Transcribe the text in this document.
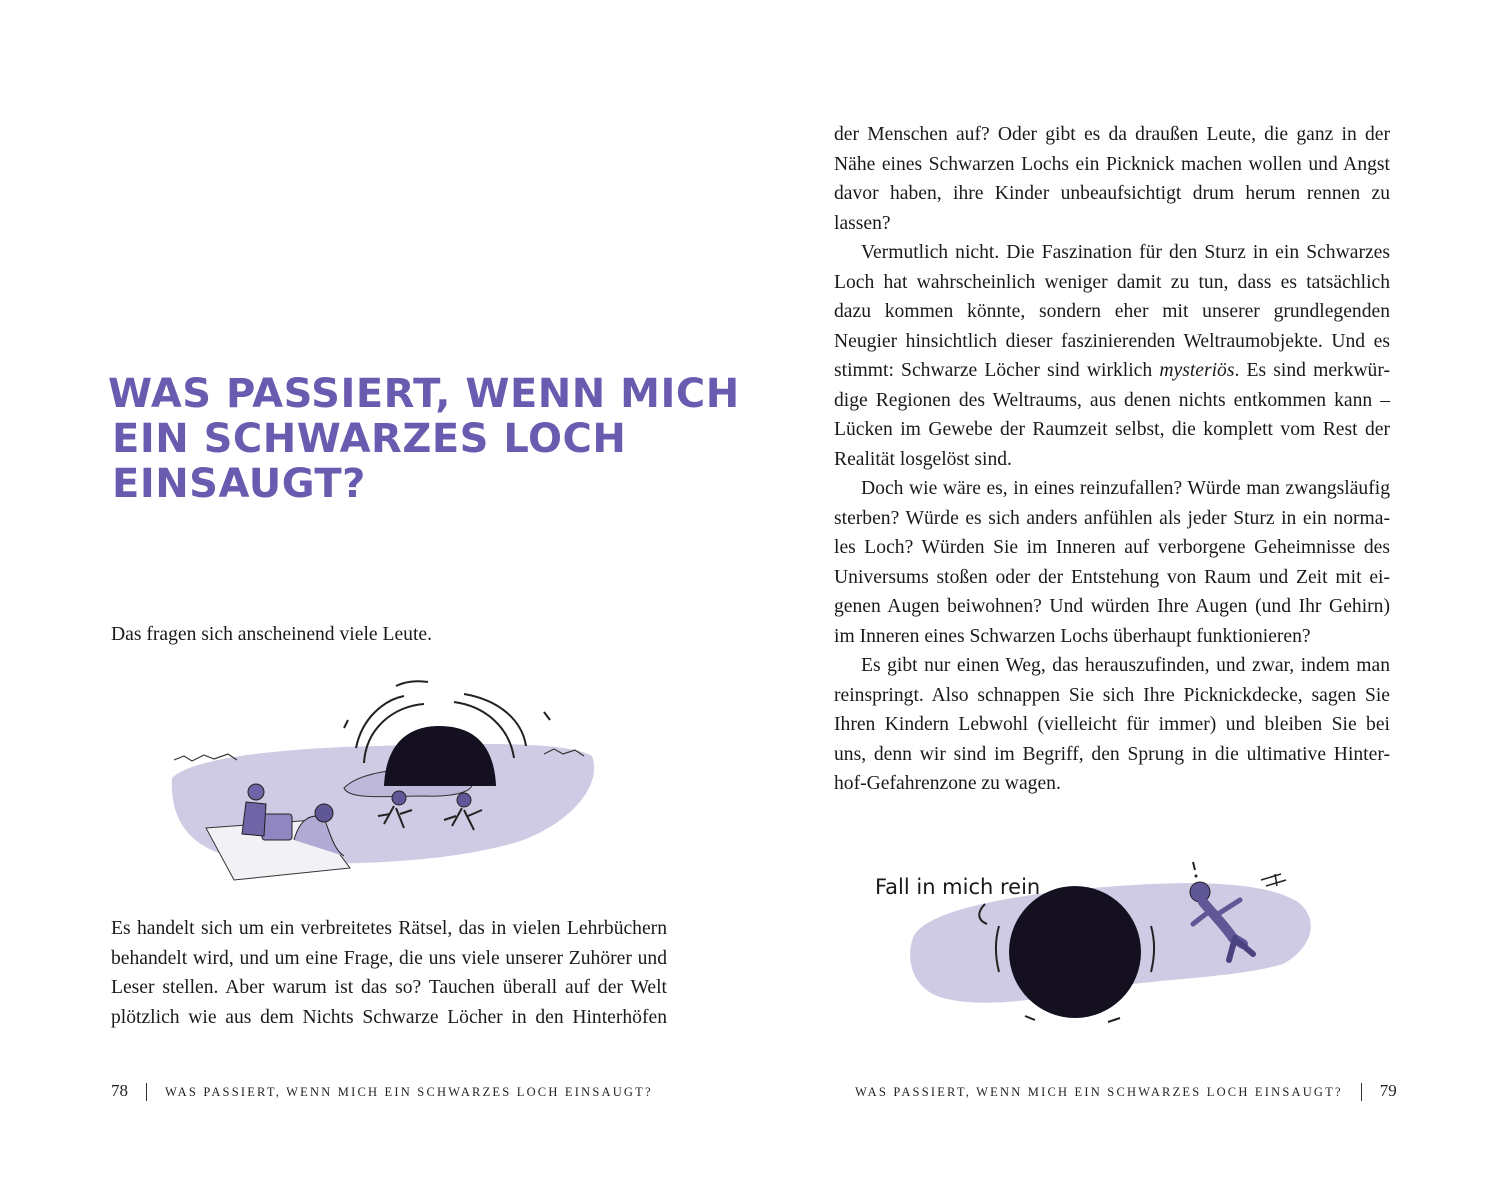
WAS PASSIERT, WENN MICH
EIN SCHWARZES LOCH
EINSAUGT?

Das fragen sich anscheinend viele Leute.

Es handelt sich um ein verbreitetes Rätsel, das in vielen Lehrbüchern
behandelt wird, und um eine Frage, die uns viele unserer Zuhörer und
Leser stellen. Aber warum ist das so? Tauchen überall auf der Welt
plötzlich wie aus dem Nichts Schwarze Löcher in den Hinterhöfen
78	WAS PASSIERT, WENN MICH EIN SCHWARZES LOCH EINSAUGT?
der Menschen auf? Oder gibt es da draußen Leute, die ganz in der
Nähe eines Schwarzen Lochs ein Picknick machen wollen und Angst
davor haben, ihre Kinder unbeaufsichtigt drum herum rennen zu
lassen?
Vermutlich nicht. Die Faszination für den Sturz in ein Schwarzes
Loch hat wahrscheinlich weniger damit zu tun, dass es tatsächlich
dazu kommen könnte, sondern eher mit unserer grundlegenden
Neugier hinsichtlich dieser faszinierenden Weltraumobjekte. Und es
stimmt: Schwarze Löcher sind wirklich mysteriös. Es sind merkwür-
dige Regionen des Weltraums, aus denen nichts entkommen kann –
Lücken im Gewebe der Raumzeit selbst, die komplett vom Rest der
Realität losgelöst sind.
Doch wie wäre es, in eines reinzufallen? Würde man zwangsläufig
sterben? Würde es sich anders anfühlen als jeder Sturz in ein norma-
les Loch? Würden Sie im Inneren auf verborgene Geheimnisse des
Universums stoßen oder der Entstehung von Raum und Zeit mit ei-
genen Augen beiwohnen? Und würden Ihre Augen (und Ihr Gehirn)
im Inneren eines Schwarzen Lochs überhaupt funktionieren?
Es gibt nur einen Weg, das herauszufinden, und zwar, indem man
reinspringt. Also schnappen Sie sich Ihre Picknickdecke, sagen Sie
Ihren Kindern Lebwohl (vielleicht für immer) und bleiben Sie bei
uns, denn wir sind im Begriff, den Sprung in die ultimative Hinter-
hof-Gefahrenzone zu wagen.
Fall in mich rein
WAS PASSIERT, WENN MICH EIN SCHWARZES LOCH EINSAUGT? 79
